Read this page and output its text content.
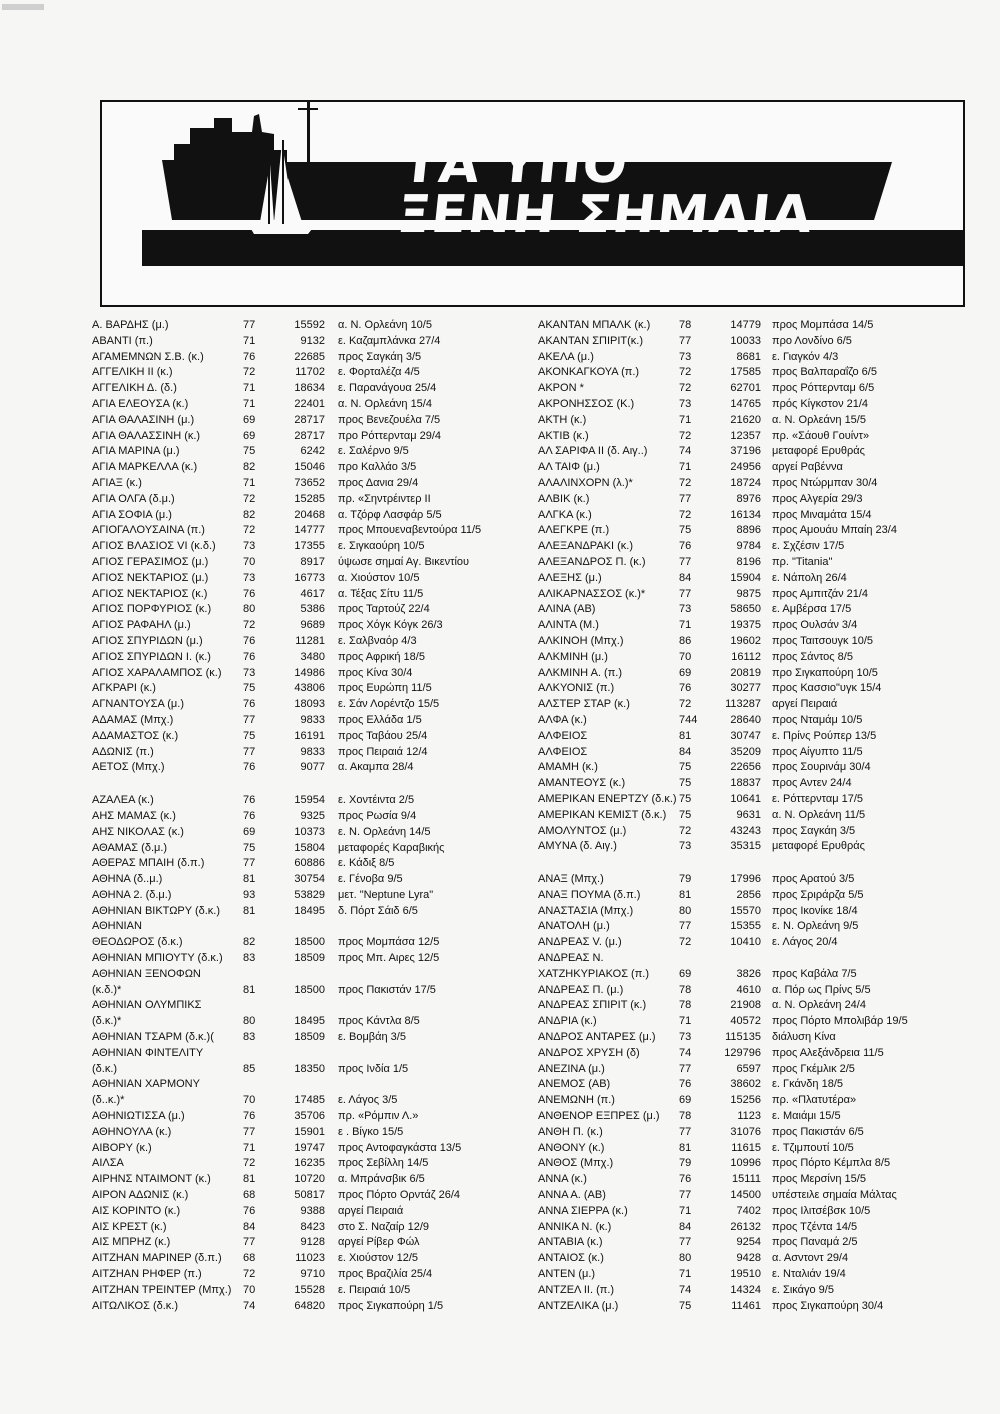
ΤΑ ΥΠΟ
ΞΕΝΗ ΣΗΜΑΙΑ
Α. ΒΑΡΔΗΣ (μ.)	77	15592 α. Ν. Ορλεάνη 10/5
ΑΒΑΝΤΙ (π.)	71	9132 ε. Καζαμπλάνκα 27/4
ΑΓΑΜΕΜΝΩΝ Σ.Β. (κ.)	76	22685 προς Σαγκάη 3/5
ΑΓΓΕΛΙΚΗ ΙΙ (κ.)	72	11702 ε. Φορταλέζα 4/5
ΑΓΓΕΛΙΚΗ Δ. (δ.)	71	18634 ε. Παρανάγουα 25/4
ΑΓΙΑ ΕΛΕΟΥΣΑ (κ.)	71	22401 α. Ν. Ορλεάνη 15/4
ΑΓΙΑ ΘΑΛΑΣΙΝΗ (μ.)	69	28717 προς Βενεζουέλα 7/5
ΑΓΙΑ ΘΑΛΑΣΣΙΝΗ (κ.)	69	28717 προ Ρόττερνταμ 29/4
ΑΓΙΑ ΜΑΡΙΝΑ (μ.)	75	6242 ε. Σαλέρνο 9/5
ΑΓΙΑ ΜΑΡΚΕΛΛΑ (κ.)	82	15046 προ Καλλάο 3/5
ΑΓΙΑΞ (κ.)	71	73652 προς Δανια 29/4
ΑΓΙΑ ΟΛΓΑ (δ.μ.)	72	15285 πρ. «Σηντρέιντερ ΙΙ
ΑΓΙΑ ΣΟΦΙΑ (μ.)	82	20468 α. Τζόρφ Λασφάρ 5/5
ΑΓΙΟΓΑΛΟΥΣΑΙΝΑ (π.)	72	14777 προς Μπουεναβεντούρα 11/5
ΑΓΙΟΣ ΒΛΑΣΙΟΣ VI (κ.δ.) 73	17355 ε. Σιγκαούρη 10/5
ΑΓΙΟΣ ΓΕΡΑΣΙΜΟΣ (μ.)	70	8917 ύψωσε σημαί Αγ. Βικεντίου
ΑΓΙΟΣ ΝΕΚΤΑΡΙΟΣ (μ.)	73	16773 α. Χιούστον 10/5
ΑΓΙΟΣ ΝΕΚΤΑΡΙΟΣ (κ.)	76	4617 α. Τέξας Σίτυ 11/5
ΑΓΙΟΣ ΠΟΡΦΥΡΙΟΣ (κ.)	80	5386 προς Ταρτούζ 22/4
ΑΓΙΟΣ ΡΑΦΑΗΛ (μ.)	72	9689 προς Χόγκ Κόγκ 26/3
ΑΓΙΟΣ ΣΠΥΡΙΔΩΝ (μ.)	76	11281 ε. Σαλβναόρ 4/3
ΑΓΙΟΣ ΣΠΥΡΙΔΩΝ Ι. (κ.)	76	3480 προς Αφρική 18/5
ΑΓΙΟΣ ΧΑΡΑΛΑΜΠΟΣ (κ.) 73	14986 προς Κίνα 30/4
ΑΓΚΡΑΡΙ (κ.)	75	43806 προς Ευρώπη 11/5
ΑΓΝΑΝΤΟΥΣΑ (μ.)	76	18093 ε. Σάν Λορέντζο 15/5
ΑΔΑΜΑΣ (Μπχ.)	77	9833 προς Ελλάδα 1/5
ΑΔΑΜΑΣΤΟΣ (κ.)	75	16191 προς Ταβάου 25/4
ΑΔΩΝΙΣ (π.)	77	9833 προς Πειραιά 12/4
ΑΕΤΟΣ (Μπχ.)	76	9077 α. Ακαμπα 28/4
ΑΖΑΛΕΑ (κ.)	76	15954 ε. Χοντέιντα 2/5
ΑΗΣ ΜΑΜΑΣ (κ.)	76	9325 προς Ρωσία 9/4
ΑΗΣ ΝΙΚΟΛΑΣ (κ.)	69	10373 ε. Ν. Ορλεάνη 14/5
ΑΘΑΜΑΣ (δ.μ.)	75	15804 μεταφορές Καραβικής
ΑΘΕΡΑΣ ΜΠΑΙΗ (δ.π.)	77	60886 ε. Κάδιξ 8/5
ΑΘΗΝΑ (δ..μ.)	81	30754 ε. Γένοβα 9/5
ΑΘΗΝΑ 2. (δ.μ.)	93	53829 μετ. "Neptune Lyra"
ΑΘΗΝΙΑΝ ΒΙΚΤΩΡΥ (δ.κ.) 81	18495 δ. Πόρτ Σάιδ 6/5
ΑΘΗΝΙΑΝ
ΘΕΟΔΩΡΟΣ (δ.κ.)	82	18500 προς Μομπάσα 12/5
ΑΘΗΝΙΑΝ ΜΠΙΟΥΤΥ (δ.κ.) 83	18509 προς Μπ. Αιρες 12/5
ΑΘΗΝΙΑΝ ΞΕΝΟΦΩΝ
(κ.δ.)*	81	18500 προς Πακιστάν 17/5
ΑΘΗΝΙΑΝ ΟΛΥΜΠΙΚΣ
(δ.κ.)*	80	18495 προς Κάντλα 8/5
ΑΘΗΝΙΑΝ ΤΣΑΡΜ (δ.κ.)(	83	18509 ε. Βομβάη 3/5
ΑΘΗΝΙΑΝ ΦΙΝΤΕΛΙΤΥ
(δ.κ.)	85	18350 προς Ινδία 1/5
ΑΘΗΝΙΑΝ ΧΑΡΜΟΝΥ
(δ..κ.)*	70	17485 ε. Λάγος 3/5
ΑΘΗΝΙΩΤΙΣΣΑ (μ.)	76	35706 πρ. «Ρόμπιν Λ.»
ΑΘΗΝΟΥΛΑ (κ.)	77	15901 ε . Βίγκο 15/5
ΑΙΒΟΡΥ (κ.)	71	19747 προς Αντοφαγκάστα 13/5
ΑΙΛΣΑ	72	16235 προς Σεβίλλη 14/5
ΑΙΡΗΝΣ ΝΤΑΙΜΟΝΤ (κ.)	81	10720 α. Μπράνσβικ 6/5
ΑΙΡΟΝ ΑΔΩΝΙΣ (κ.)	68	50817 προς Πόρτο Ορντάζ 26/4
ΑΙΣ ΚΟΡΙΝΤΟ (κ.)	76	9388 αργεί Πειραιά
ΑΙΣ ΚΡΕΣΤ (κ.)	84	8423 στο Σ. Ναζαίρ 12/9
ΑΙΣ ΜΠΡΗΖ (κ.)	77	9128 αργεί Ρίβερ Φώλ
ΑΙΤΖΗΑΝ ΜΑΡΙΝΕΡ (δ.π.) 68	11023 ε. Χιούστον 12/5
ΑΙΤΖΗΑΝ ΡΗΦΕΡ (π.)	72	9710 προς Βραζιλία 25/4
ΑΙΤΖΗΑΝ ΤΡΕΙΝΤΕΡ (Μπχ.) 70	15528 ε. Πειραιά 10/5
ΑΙΤΩΛΙΚΟΣ (δ.κ.)	74	64820 προς Σιγκαπούρη 1/5
ΑΚΑΝΤΑΝ ΜΠΑΛΚ (κ.)	78	14779 προς Μομπάσα 14/5
ΑΚΑΝΤΑΝ ΣΠΙΡΙΤ(κ.)	77	10033 προ Λονδίνο 6/5
ΑΚΕΛΑ (μ.)	73	8681 ε. Γιαγκόν 4/3
ΑΚΟΝΚΑΓΚΟΥΑ (π.)	72	17585 προς Βαλπαραΐζο 6/5
ΑΚΡΟΝ *	72	62701 προς Ρόττερνταμ 6/5
ΑΚΡΟΝΗΣΣΟΣ (Κ.)	73	14765 πρός Κίγκστον 21/4
ΑΚΤΗ (κ.)	71	21620 α. Ν. Ορλεάνη 15/5
ΑΚΤΙΒ (κ.)	72	12357 πρ. «Σάουθ Γουίντ»
ΑΛ ΣΑΡΙΦΑ ΙΙ (δ. Αιγ..)	74	37196 μεταφορέ Ερυθράς
ΑΛ ΤΑΙΦ (μ.)	71	24956 αργεί Ραβέννα
ΑΛΑΛΙΝΧΟΡΝ (λ.)*	72	18724 προς Ντώρμπαν 30/4
ΑΛΒΙΚ (κ.)	77	8976 προς Αλγερία 29/3
ΑΛΓΚΑ (κ.)	72	16134 προς Μιναμάτα 15/4
ΑΛΕΓΚΡΕ (π.)	75	8896 προς Αμουάυ Μπαίη 23/4
ΑΛΕΞΑΝΔΡΑΚΙ (κ.)	76	9784 ε. Σχζέσιν 17/5
ΑΛΕΞΑΝΔΡΟΣ Π. (κ.)	77	8196 πρ. "Titania"
ΑΛΕΞΗΣ (μ.)	84	15904 ε. Νάπολη 26/4
ΑΛΙΚΑΡΝΑΣΣΟΣ (κ.)*	77	9875 προς Αμπιτζάν 21/4
ΑΛΙΝΑ (ΑΒ)	73	58650 ε. Αμβέρσα 17/5
ΑΛΙΝΤΑ (Μ.)	71	19375 προς Ουλσάν 3/4
ΑΛΚΙΝΟΗ (Μπχ.)	86	19602 προς Ταιτσουγκ 10/5
ΑΛΚΜΙΝΗ (μ.)	70	16112 προς Σάντος 8/5
ΑΛΚΜΙΝΗ Α. (π.)	69	20819 προ Σιγκαπούρη 10/5
ΑΛΚΥΟΝΙΣ (π.)	76	30277 προς Κασσιο"υγκ 15/4
ΑΛΣΤΕΡ ΣΤΑΡ (κ.)	72	113287 αργεί Πειραιά
ΑΛΦΑ (κ.)	744	28640 προς Νταμάμ 10/5
ΑΛΦΕΙΟΣ	81	30747 ε. Πρίνς Ρούπερ 13/5
ΑΛΦΕΙΟΣ	84	35209 προς Αίγυπτο 11/5
ΑΜΑΜΗ (κ.)	75	22656 προς Σουρινάμ 30/4
ΑΜΑΝΤΕΟΥΣ (κ.)	75	18837 προς Αντεν 24/4
ΑΜΕΡΙΚΑΝ ΕΝΕΡΤΖΥ (δ.κ.) 75	10641 ε. Ρόττερνταμ 17/5
ΑΜΕΡΙΚΑΝ ΚΕΜΙΣΤ (δ.κ.) 75	9631 α. Ν. Ορλεάνη 11/5
ΑΜΟΛΥΝΤΟΣ (μ.)	72	43243 προς Σαγκάη 3/5
ΑΜΥΝΑ (δ. Αιγ.)	73	35315 μεταφορέ Ερυθράς
ΑΝΑΞ (Μπχ.)	79	17996 προς Αρατού 3/5
ΑΝΑΞ ΠΟΥΜΑ (δ.π.)	81	2856 προς Σριράρζα 5/5
ΑΝΑΣΤΑΣΙΑ (Μπχ.)	80	15570 προς Ικονίκε 18/4
ΑΝΑΤΟΛΗ (μ.)	77	15355 ε. Ν. Ορλεάνη 9/5
ΑΝΔΡΕΑΣ V. (μ.)	72	10410 ε. Λάγος 20/4
ΑΝΔΡΕΑΣ Ν.
ΧΑΤΖΗΚΥΡΙΑΚΟΣ (π.)	69	3826 προς Καβάλα 7/5
ΑΝΔΡΕΑΣ Π. (μ.)	78	4610 α. Πόρ ως Πρίνς 5/5
ΑΝΔΡΕΑΣ ΣΠΙΡΙΤ (κ.)	78	21908 α. Ν. Ορλεάνη 24/4
ΑΝΔΡΙΑ (κ.)	71	40572 προς Πόρτο Μπολιβάρ 19/5
ΑΝΔΡΟΣ ΑΝΤΑΡΕΣ (μ.) 73	115135 διάλυση Κίνα
ΑΝΔΡΟΣ ΧΡΥΣΗ (δ)	74	129796 προς Αλεξάνδρεια 11/5
ΑΝΕΖΙΝΑ (μ.)	77	6597 προς Γκέμλικ 2/5
ΑΝΕΜΟΣ (ΑΒ)	76	38602 ε. Γκάνδη 18/5
ΑΝΕΜΩΝΗ (π.)	69	15256 πρ. «Πλατυτέρα»
ΑΝΘΕΝΟΡ ΕΞΠΡΕΣ (μ.) 78	1123 ε. Μαιάμι 15/5
ΑΝΘΗ Π. (κ.)	77	31076 προς Πακιστάν 6/5
ΑΝΘΟΝΥ (κ.)	81	11615 ε. Τζιμπουτί 10/5
ΑΝΘΟΣ (Μπχ.)	79	10996 προς Πόρτο Κέμπλα 8/5
ΑΝΝΑ (κ.)	76	15111 προς Μερσίνη 15/5
ΑΝΝΑ Α. (ΑΒ)	77	14500 υπέστειλε σημαία Μάλτας
ΑΝΝΑ ΣΙΕΡΡΑ (κ.)	71	7402 προς Ιλιτσέβσκ 10/5
ΑΝΝΙΚΑ Ν. (κ.)	84	26132 προς Τζέντα 14/5
ΑΝΤΑΒΙΑ (κ.)	77	9254 προς Παναμά 2/5
ΑΝΤΑΙΟΣ (κ.)	80	9428 α. Ασντοντ 29/4
ΑΝΤΕΝ (μ.)	71	19510 ε. Νταλιάν 19/4
ΑΝΤΖΕΛ ΙΙ. (π.)	74	14324 ε. Σικάγο 9/5
ΑΝΤΖΕΛΙΚΑ (μ.)	75	11461 προς Σιγκαπούρη 30/4
